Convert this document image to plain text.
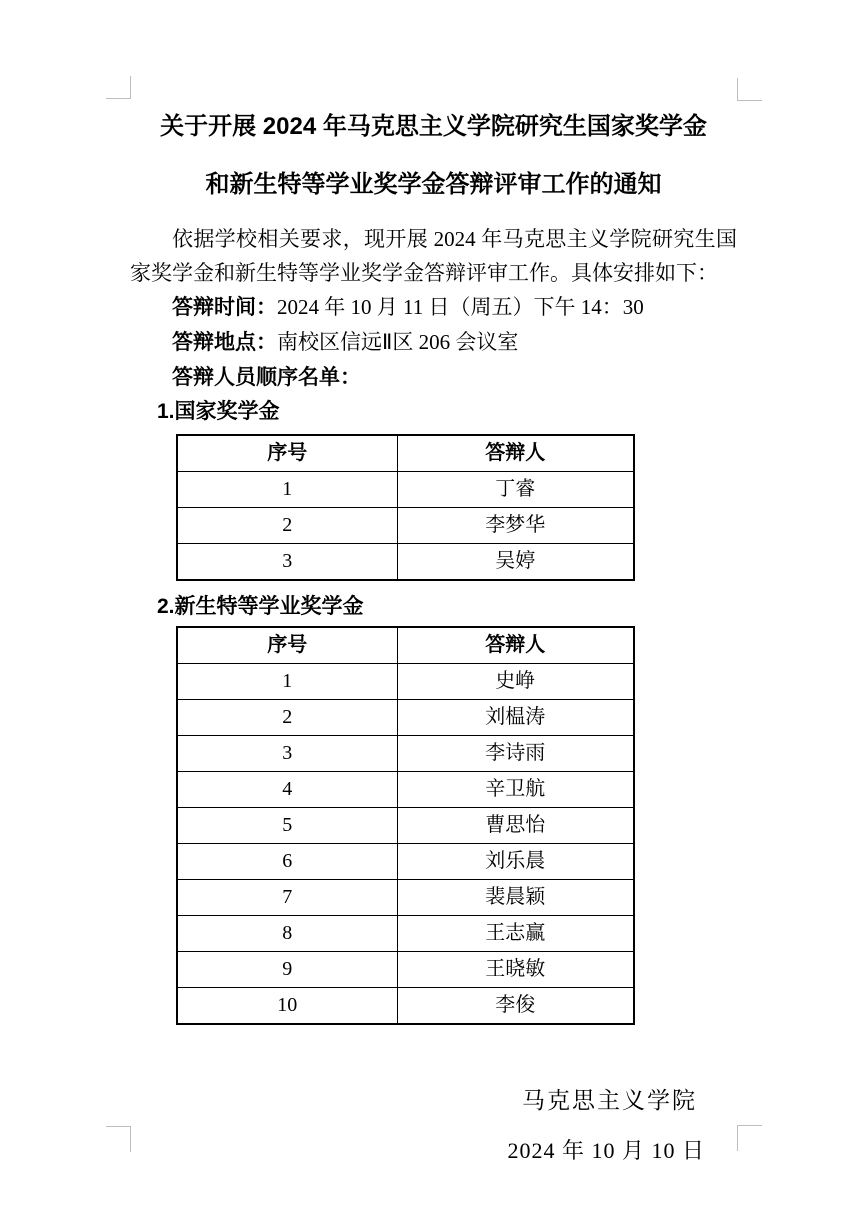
关于开展 2024 年马克思主义学院研究生国家奖学金

和新生特等学业奖学金答辩评审工作的通知

依据学校相关要求，现开展 2024 年马克思主义学院研究生国家奖学金和新生特等学业奖学金答辩评审工作。具体安排如下：

答辩时间：2024 年 10 月 11 日（周五）下午 14：30

答辩地点：南校区信远Ⅱ区 206 会议室

答辩人员顺序名单：

1.国家奖学金

序号	答辩人
1	丁睿
2	李梦华
3	吴婷

2.新生特等学业奖学金

序号	答辩人
1	史峥
2	刘榅涛
3	李诗雨
4	辛卫航
5	曹思怡
6	刘乐晨
7	裴晨颖
8	王志赢
9	王晓敏
10	李俊

马克思主义学院

2024 年 10 月 10 日
